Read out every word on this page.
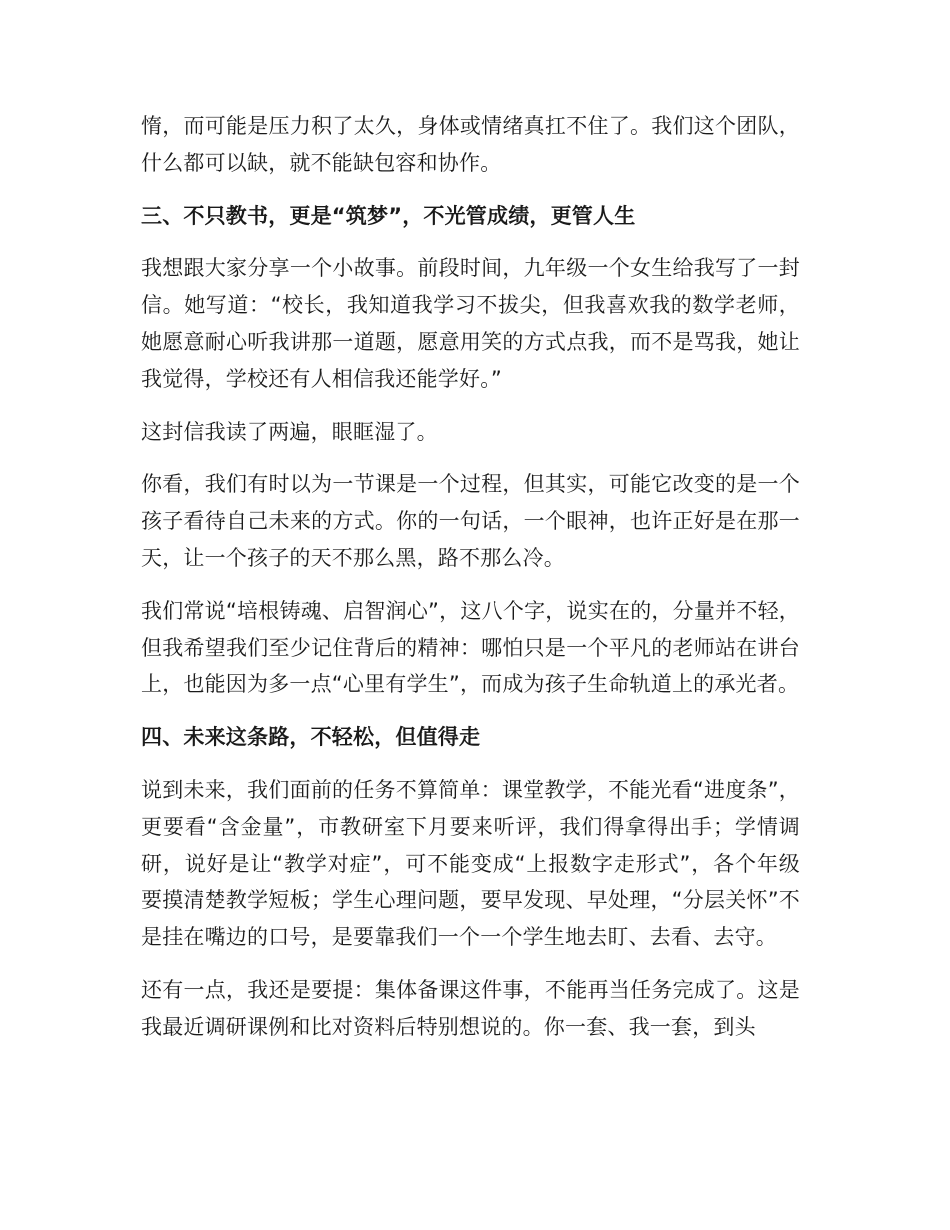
惰，而可能是压力积了太久，身体或情绪真扛不住了。我们这个团队，什么都可以缺，就不能缺包容和协作。

三、不只教书，更是“筑梦”，不光管成绩，更管人生

我想跟大家分享一个小故事。前段时间，九年级一个女生给我写了一封信。她写道：“校长，我知道我学习不拔尖，但我喜欢我的数学老师，她愿意耐心听我讲那一道题，愿意用笑的方式点我，而不是骂我，她让我觉得，学校还有人相信我还能学好。”

这封信我读了两遍，眼眶湿了。

你看，我们有时以为一节课是一个过程，但其实，可能它改变的是一个孩子看待自己未来的方式。你的一句话，一个眼神，也许正好是在那一天，让一个孩子的天不那么黑，路不那么冷。

我们常说“培根铸魂、启智润心”，这八个字，说实在的，分量并不轻，但我希望我们至少记住背后的精神：哪怕只是一个平凡的老师站在讲台上，也能因为多一点“心里有学生”，而成为孩子生命轨道上的承光者。

四、未来这条路，不轻松，但值得走

说到未来，我们面前的任务不算简单：课堂教学，不能光看“进度条”，更要看“含金量”，市教研室下月要来听评，我们得拿得出手；学情调研，说好是让“教学对症”，可不能变成“上报数字走形式”，各个年级要摸清楚教学短板；学生心理问题，要早发现、早处理，“分层关怀”不是挂在嘴边的口号，是要靠我们一个一个学生地去盯、去看、去守。

还有一点，我还是要提：集体备课这件事，不能再当任务完成了。这是我最近调研课例和比对资料后特别想说的。你一套、我一套，到头
